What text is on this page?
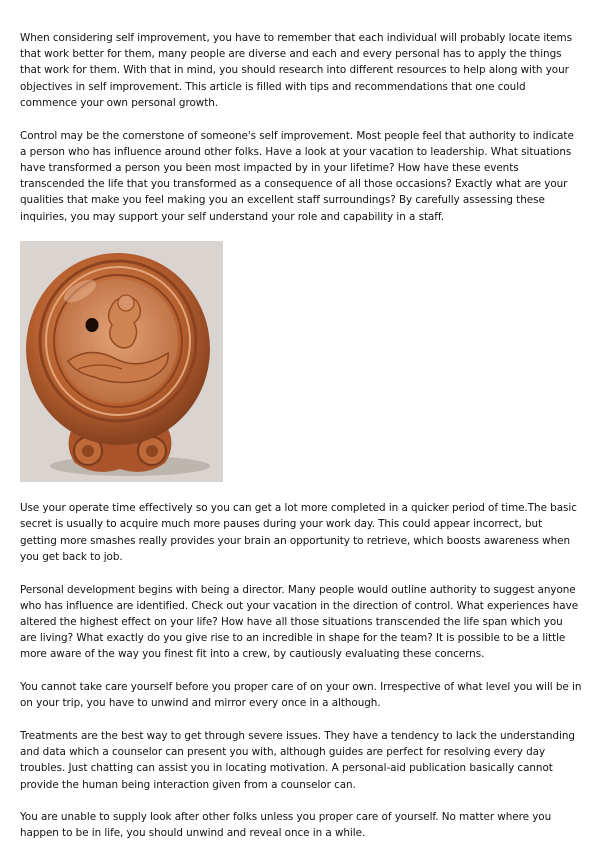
When considering self improvement, you have to remember that each individual will probably locate items that work better for them, many people are diverse and each and every personal has to apply the things that work for them. With that in mind, you should research into different resources to help along with your objectives in self improvement. This article is filled with tips and recommendations that one could commence your own personal growth.

Control may be the cornerstone of someone's self improvement. Most people feel that authority to indicate a person who has influence around other folks. Have a look at your vacation to leadership. What situations have transformed a person you been most impacted by in your lifetime? How have these events transcended the life that you transformed as a consequence of all those occasions? Exactly what are your qualities that make you feel making you an excellent staff surroundings? By carefully assessing these inquiries, you may support your self understand your role and capability in a staff.

Use your operate time effectively so you can get a lot more completed in a quicker period of time.The basic secret is usually to acquire much more pauses during your work day. This could appear incorrect, but getting more smashes really provides your brain an opportunity to retrieve, which boosts awareness when you get back to job.

Personal development begins with being a director. Many people would outline authority to suggest anyone who has influence are identified. Check out your vacation in the direction of control. What experiences have altered the highest effect on your life? How have all those situations transcended the life span which you are living? What exactly do you give rise to an incredible in shape for the team? It is possible to be a little more aware of the way you finest fit into a crew, by cautiously evaluating these concerns.

You cannot take care yourself before you proper care of on your own. Irrespective of what level you will be in on your trip, you have to unwind and mirror every once in a although.

Treatments are the best way to get through severe issues. They have a tendency to lack the understanding and data which a counselor can present you with, although guides are perfect for resolving every day troubles. Just chatting can assist you in locating motivation. A personal-aid publication basically cannot provide the human being interaction given from a counselor can.

You are unable to supply look after other folks unless you proper care of yourself. No matter where you happen to be in life, you should unwind and reveal once in a while.
